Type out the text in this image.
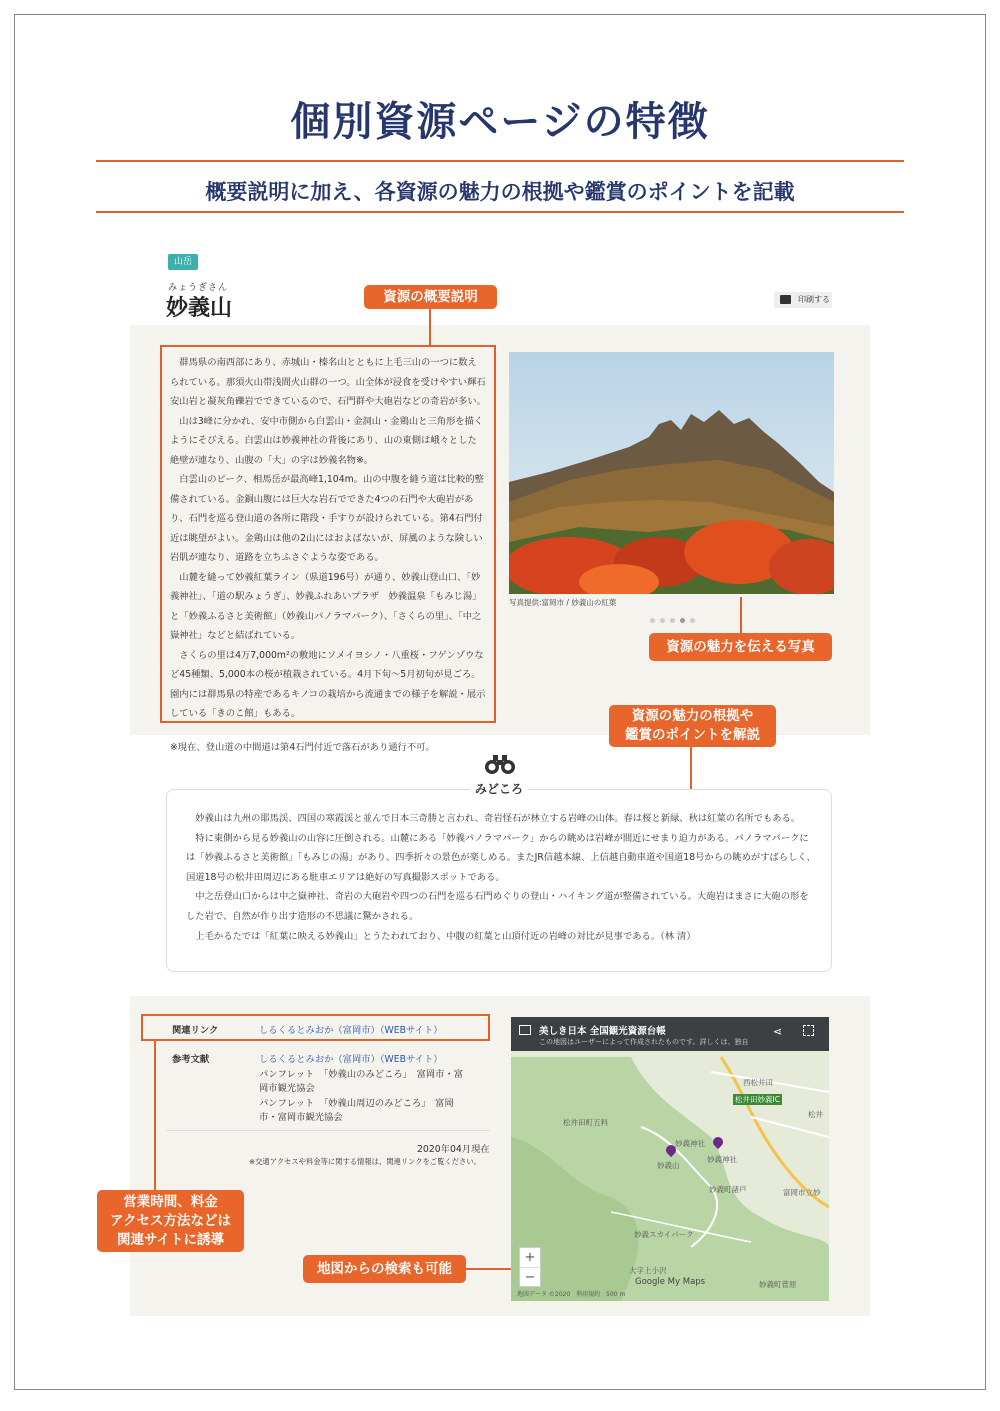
個別資源ページの特徴
概要説明に加え、各資源の魅力の根拠や鑑賞のポイントを記載
山岳
みょうぎさん
妙義山	印刷する

群馬県の南西部にあり、赤城山・榛名山とともに上毛三山の一つに数えられている。那須火山帯浅間火山群の一つ。山全体が浸食を受けやすい輝石安山岩と凝灰角礫岩でできているので、石門群や大砲岩などの奇岩が多い。

山は3峰に分かれ、安中市側から白雲山・金洞山・金鶏山と三角形を描くようにそびえる。白雲山は妙義神社の背後にあり、山の東側は峨々とした絶壁が連なり、山腹の「大」の字は妙義名物※。

白雲山のピーク、相馬岳が最高峰1,104m。山の中腹を縫う道は比較的整備されている。金銅山腹には巨大な岩石でできた4つの石門や大砲岩があり、石門を巡る登山道の各所に階段・手すりが設けられている。第4石門付近は眺望がよい。金鶏山は他の2山にはおよばないが、屏風のような険しい岩肌が連なり、道路を立ちふさぐような姿である。

山麓を縫って妙義紅葉ライン（県道196号）が通り、妙義山登山口、「妙義神社」、「道の駅みょうぎ」、妙義ふれあいプラザ　妙義温泉「もみじ湯」と「妙義ふるさと美術館」（妙義山パノラマパーク）、「さくらの里」、「中之嶽神社」などと結ばれている。

さくらの里は4万7,000m²の敷地にソメイヨシノ・八重桜・フゲンゾウなど45種類、5,000本の桜が植栽されている。4月下旬～5月初旬が見ごろ。園内には群馬県の特産であるキノコの栽培から流通までの様子を解説・展示している「きのこ館」もある。

※現在、登山道の中間道は第4石門付近で落石があり通行不可。

写真提供:富岡市 / 妙義山の紅葉
資源の概要説明
資源の魅力を伝える写真
資源の魅力の根拠や
鑑賞のポイントを解説
みどころ

妙義山は九州の耶馬渓、四国の寒霞渓と並んで日本三奇勝と言われ、奇岩怪石が林立する岩峰の山体。春は桜と新緑、秋は紅葉の名所でもある。

特に東側から見る妙義山の山容に圧倒される。山麓にある「妙義パノラマパーク」からの眺めは岩峰が間近にせまり迫力がある。パノラマパークには「妙義ふるさと美術館」「もみじの湯」があり、四季折々の景色が楽しめる。またJR信越本線、上信越自動車道や国道18号からの眺めがすばらしく、国道18号の松井田周辺にある駐車エリアは絶好の写真撮影スポットである。

中之岳登山口からは中之嶽神社、奇岩の大砲岩や四つの石門を巡る石門めぐりの登山・ハイキング道が整備されている。大砲岩はまさに大砲の形をした岩で、自然が作り出す造形の不思議に驚かされる。

上毛かるたでは「紅葉に映える妙義山」とうたわれており、中腹の紅葉と山頂付近の岩峰の対比が見事である。（林 清）

関連リンク	しるくるとみおか（富岡市）（WEBサイト）
参考文献	しるくるとみおか（富岡市）（WEBサイト）
パンフレット　「妙義山のみどころ」　富岡市・富
岡市観光協会
パンフレット　「妙義山周辺のみどころ」　富岡
市・富岡市観光協会
2020年04月現在
※交通アクセスや料金等に関する情報は、関連リンクをご覧ください。
営業時間、料金
アクセス方法などは
関連サイトに誘導
地図からの検索も可能
美しき日本 全国観光資源台帳
この地図はユーザーによって作成されたものです。詳しくは、独自
⋖
西松井田
松井田妙義IC
松井
松井田町五料
妙義神社
妙義山
妙義神社
妙義町諸戸	富岡市立妙
妙義スカイパーク
大字上小沢
妙義町菅原
Google My Maps
地図データ ©2020　利用規約　500 m
+
−
